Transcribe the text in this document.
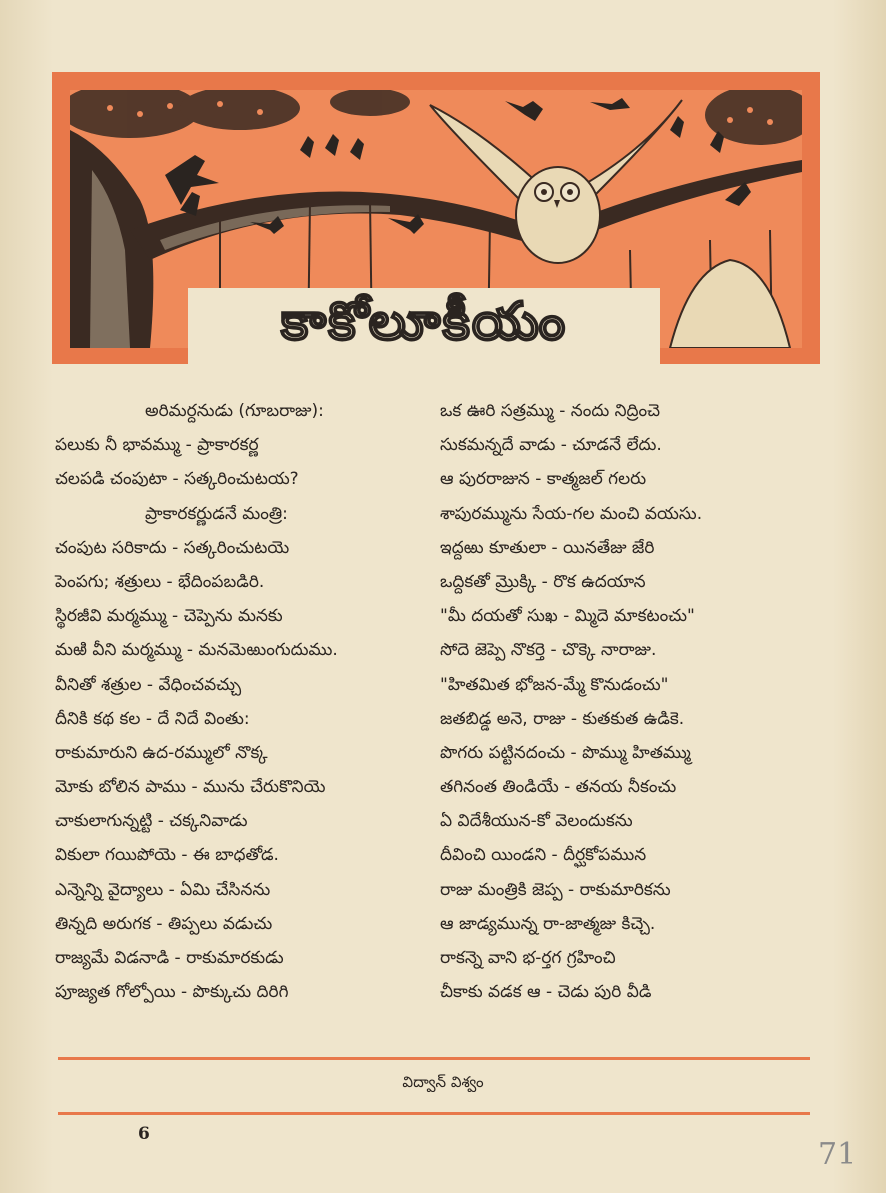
కాకోలూకీయం
అరిమర్దనుడు (గూబరాజు):
పలుకు నీ భావమ్ము - ప్రాకారకర్ణ
చలపడి చంపుటా - సత్కరించుటయ?
ప్రాకారకర్ణుడనే మంత్రి:
చంపుట సరికాదు - సత్కరించుటయె
పెంపగు; శత్రులు - భేదింపబడిరి.
స్థిరజీవి మర్మమ్ము - చెప్పెను మనకు
మఱి వీని మర్మమ్ము - మనమెఱుంగుదుము.
వీనితో శత్రుల - వేధించవచ్చు
దీనికి కథ కల - దే నిదే వింతు:
రాకుమారుని ఉద-రమ్ములో నొక్క
మోకు బోలిన పాము - మును చేరుకొనియె
చాకులాగున్నట్టి - చక్కనివాడు
వికులా గయిపోయె - ఈ బాధతోడ.
ఎన్నెన్ని వైద్యాలు - ఏమి చేసినను
తిన్నది అరుగక - తిప్పలు వడుచు
రాజ్యమే విడనాడి - రాకుమారకుడు
పూజ్యత గోల్పోయి - పొక్కుచు దిరిగి
ఒక ఊరి సత్రమ్ము - నందు నిద్రించె
సుకమన్నదే వాడు - చూడనే లేదు.
ఆ పురరాజున - కాత్మజల్ గలరు
శాపురమ్మును సేయ-గల మంచి వయసు.
ఇద్దఱు కూతులా - యినతేజు జేరి
ఒద్దికతో మ్రొక్కి - రొక ఉదయాన
"మీ దయతో సుఖ - మ్మిదె మాకటంచు"
సోదె జెప్పె నొకర్తె - చొక్కె నారాజు.
"హితమిత భోజన-మ్మే కొనుడంచు"
జతబిడ్డ అనె, రాజు - కుతకుత ఉడికె.
పొగరు పట్టినదంచు - పొమ్ము హితమ్ము
తగినంత తిండియే - తనయ నీకంచు
ఏ విదేశీయున-కో వెలందుకను
దీవించి యిండని - దీర్ఘకోపమున
రాజు మంత్రికి జెప్ప - రాకుమారికను
ఆ జాడ్యమున్న రా-జాత్మజు కిచ్చె.
రాకన్నె వాని భ-ర్తగ గ్రహించి
చీకాకు వడక ఆ - చెడు పురి వీడి
విద్వాన్ విశ్వం
6
71
